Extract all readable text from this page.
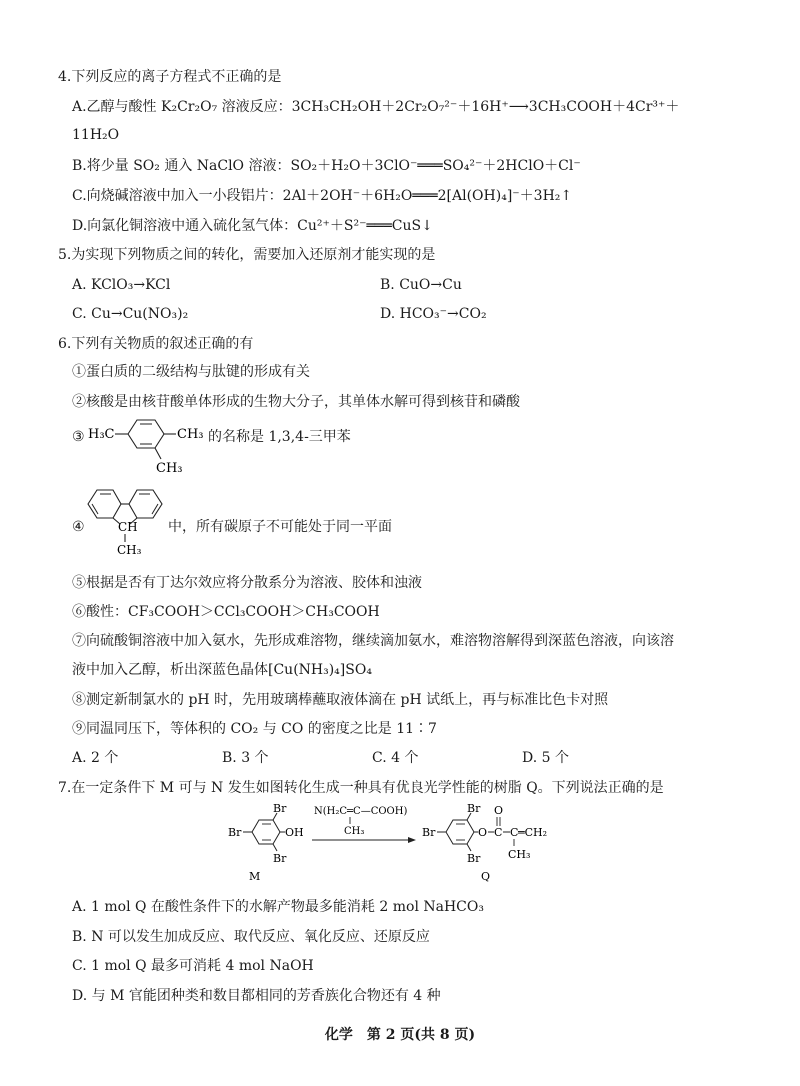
4.下列反应的离子方程式不正确的是
A.乙醇与酸性 K₂Cr₂O₇ 溶液反应：3CH₃CH₂OH＋2Cr₂O₇²⁻＋16H⁺⟶3CH₃COOH＋4Cr³⁺＋
11H₂O
B.将少量 SO₂ 通入 NaClO 溶液：SO₂＋H₂O＋3ClO⁻═══SO₄²⁻＋2HClO＋Cl⁻
C.向烧碱溶液中加入一小段铝片：2Al＋2OH⁻＋6H₂O═══2[Al(OH)₄]⁻＋3H₂↑
D.向氯化铜溶液中通入硫化氢气体：Cu²⁺＋S²⁻═══CuS↓
5.为实现下列物质之间的转化，需要加入还原剂才能实现的是
A. KClO₃→KCl	B. CuO→Cu
C. Cu→Cu(NO₃)₂	D. HCO₃⁻→CO₂
6.下列有关物质的叙述正确的有
①蛋白质的二级结构与肽键的形成有关
②核酸是由核苷酸单体形成的生物大分子，其单体水解可得到核苷和磷酸
③ H₃C	CH₃
CH₃
的名称是 1,3,4-三甲苯
④	CH
CH₃
中，所有碳原子不可能处于同一平面
⑤根据是否有丁达尔效应将分散系分为溶液、胶体和浊液
⑥酸性：CF₃COOH＞CCl₃COOH＞CH₃COOH
⑦向硫酸铜溶液中加入氨水，先形成难溶物，继续滴加氨水，难溶物溶解得到深蓝色溶液，向该溶
液中加入乙醇，析出深蓝色晶体[Cu(NH₃)₄]SO₄
⑧测定新制氯水的 pH 时，先用玻璃棒蘸取液体滴在 pH 试纸上，再与标准比色卡对照
⑨同温同压下，等体积的 CO₂ 与 CO 的密度之比是 11∶7
A. 2 个	B. 3 个	C. 4 个	D. 5 个
7.在一定条件下 M 可与 N 发生如图转化生成一种具有优良光学性能的树脂 Q。下列说法正确的是
Br
Br
OH
Br
M
N(H₂C═C—COOH)
CH₃	Br
Br
O C
O
C ═CH₂
CH₃
Br
Q
A. 1 mol Q 在酸性条件下的水解产物最多能消耗 2 mol NaHCO₃
B. N 可以发生加成反应、取代反应、氧化反应、还原反应
C. 1 mol Q 最多可消耗 4 mol NaOH
D. 与 M 官能团种类和数目都相同的芳香族化合物还有 4 种
化学　第 2 页(共 8 页)
